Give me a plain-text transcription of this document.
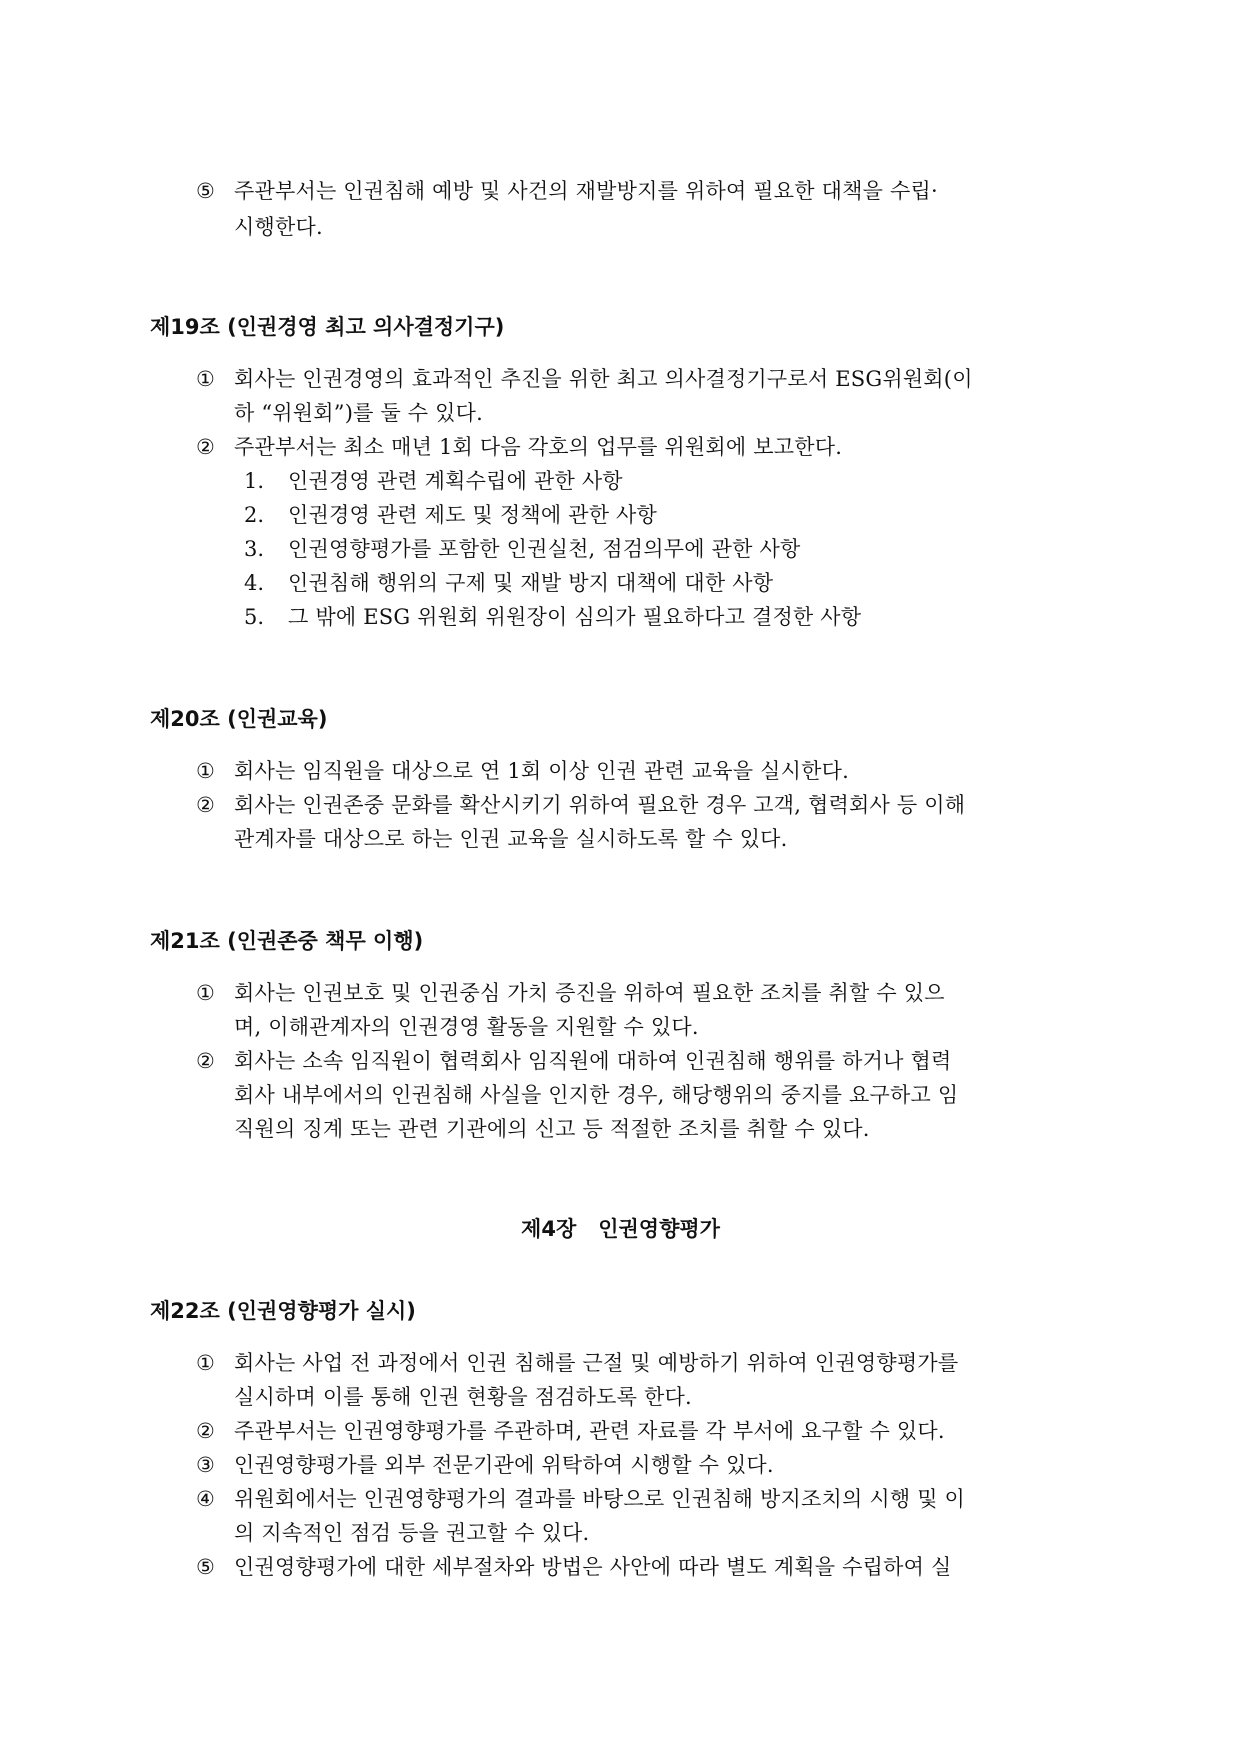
⑤ 주관부서는 인권침해 예방 및 사건의 재발방지를 위하여 필요한 대책을 수립·
시행한다.
제19조 (인권경영 최고 의사결정기구)
① 회사는 인권경영의 효과적인 추진을 위한 최고 의사결정기구로서 ESG위원회(이
하 “위원회”)를 둘 수 있다.
② 주관부서는 최소 매년 1회 다음 각호의 업무를 위원회에 보고한다.
1. 인권경영 관련 계획수립에 관한 사항
2. 인권경영 관련 제도 및 정책에 관한 사항
3. 인권영향평가를 포함한 인권실천, 점검의무에 관한 사항
4. 인권침해 행위의 구제 및 재발 방지 대책에 대한 사항
5. 그 밖에 ESG 위원회 위원장이 심의가 필요하다고 결정한 사항
제20조 (인권교육)
① 회사는 임직원을 대상으로 연 1회 이상 인권 관련 교육을 실시한다.
② 회사는 인권존중 문화를 확산시키기 위하여 필요한 경우 고객, 협력회사 등 이해
관계자를 대상으로 하는 인권 교육을 실시하도록 할 수 있다.
제21조 (인권존중 책무 이행)
① 회사는 인권보호 및 인권중심 가치 증진을 위하여 필요한 조치를 취할 수 있으
며, 이해관계자의 인권경영 활동을 지원할 수 있다.
② 회사는 소속 임직원이 협력회사 임직원에 대하여 인권침해 행위를 하거나 협력
회사 내부에서의 인권침해 사실을 인지한 경우, 해당행위의 중지를 요구하고 임
직원의 징계 또는 관련 기관에의 신고 등 적절한 조치를 취할 수 있다.
제4장 인권영향평가
제22조 (인권영향평가 실시)
① 회사는 사업 전 과정에서 인권 침해를 근절 및 예방하기 위하여 인권영향평가를
실시하며 이를 통해 인권 현황을 점검하도록 한다.
② 주관부서는 인권영향평가를 주관하며, 관련 자료를 각 부서에 요구할 수 있다.
③ 인권영향평가를 외부 전문기관에 위탁하여 시행할 수 있다.
④ 위원회에서는 인권영향평가의 결과를 바탕으로 인권침해 방지조치의 시행 및 이
의 지속적인 점검 등을 권고할 수 있다.
⑤ 인권영향평가에 대한 세부절차와 방법은 사안에 따라 별도 계획을 수립하여 실
